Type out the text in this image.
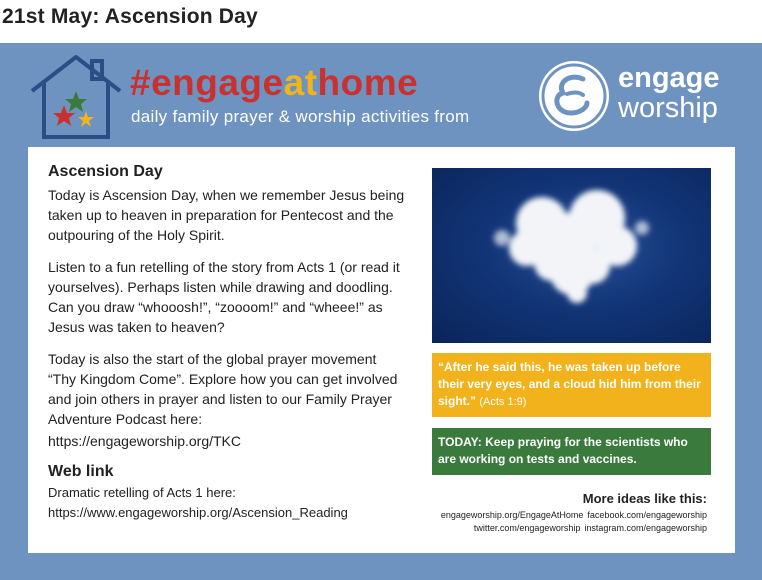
21st May: Ascension Day
#engageathome
daily family prayer & worship activities from
engage
worship
Ascension Day

Today is Ascension Day, when we remember Jesus being taken up to heaven in preparation for Pentecost and the outpouring of the Holy Spirit.

Listen to a fun retelling of the story from Acts 1 (or read it yourselves). Perhaps listen while drawing and doodling. Can you draw “whooosh!”, “zoooom!” and “wheee!” as Jesus was taken to heaven?

Today is also the start of the global prayer movement “Thy Kingdom Come”. Explore how you can get involved and join others in prayer and listen to our Family Prayer Adventure Podcast here:

https://engageworship.org/TKC
Web link

Dramatic retelling of Acts 1 here:

https://www.engageworship.org/Ascension_Reading

“After he said this, he was taken up before their very eyes, and a cloud hid him from their sight.” (Acts 1:9)
TODAY: Keep praying for the scientists who are working on tests and vaccines.
More ideas like this:
engageworship.org/EngageAtHome facebook.com/engageworship
twitter.com/engageworship instagram.com/engageworship
